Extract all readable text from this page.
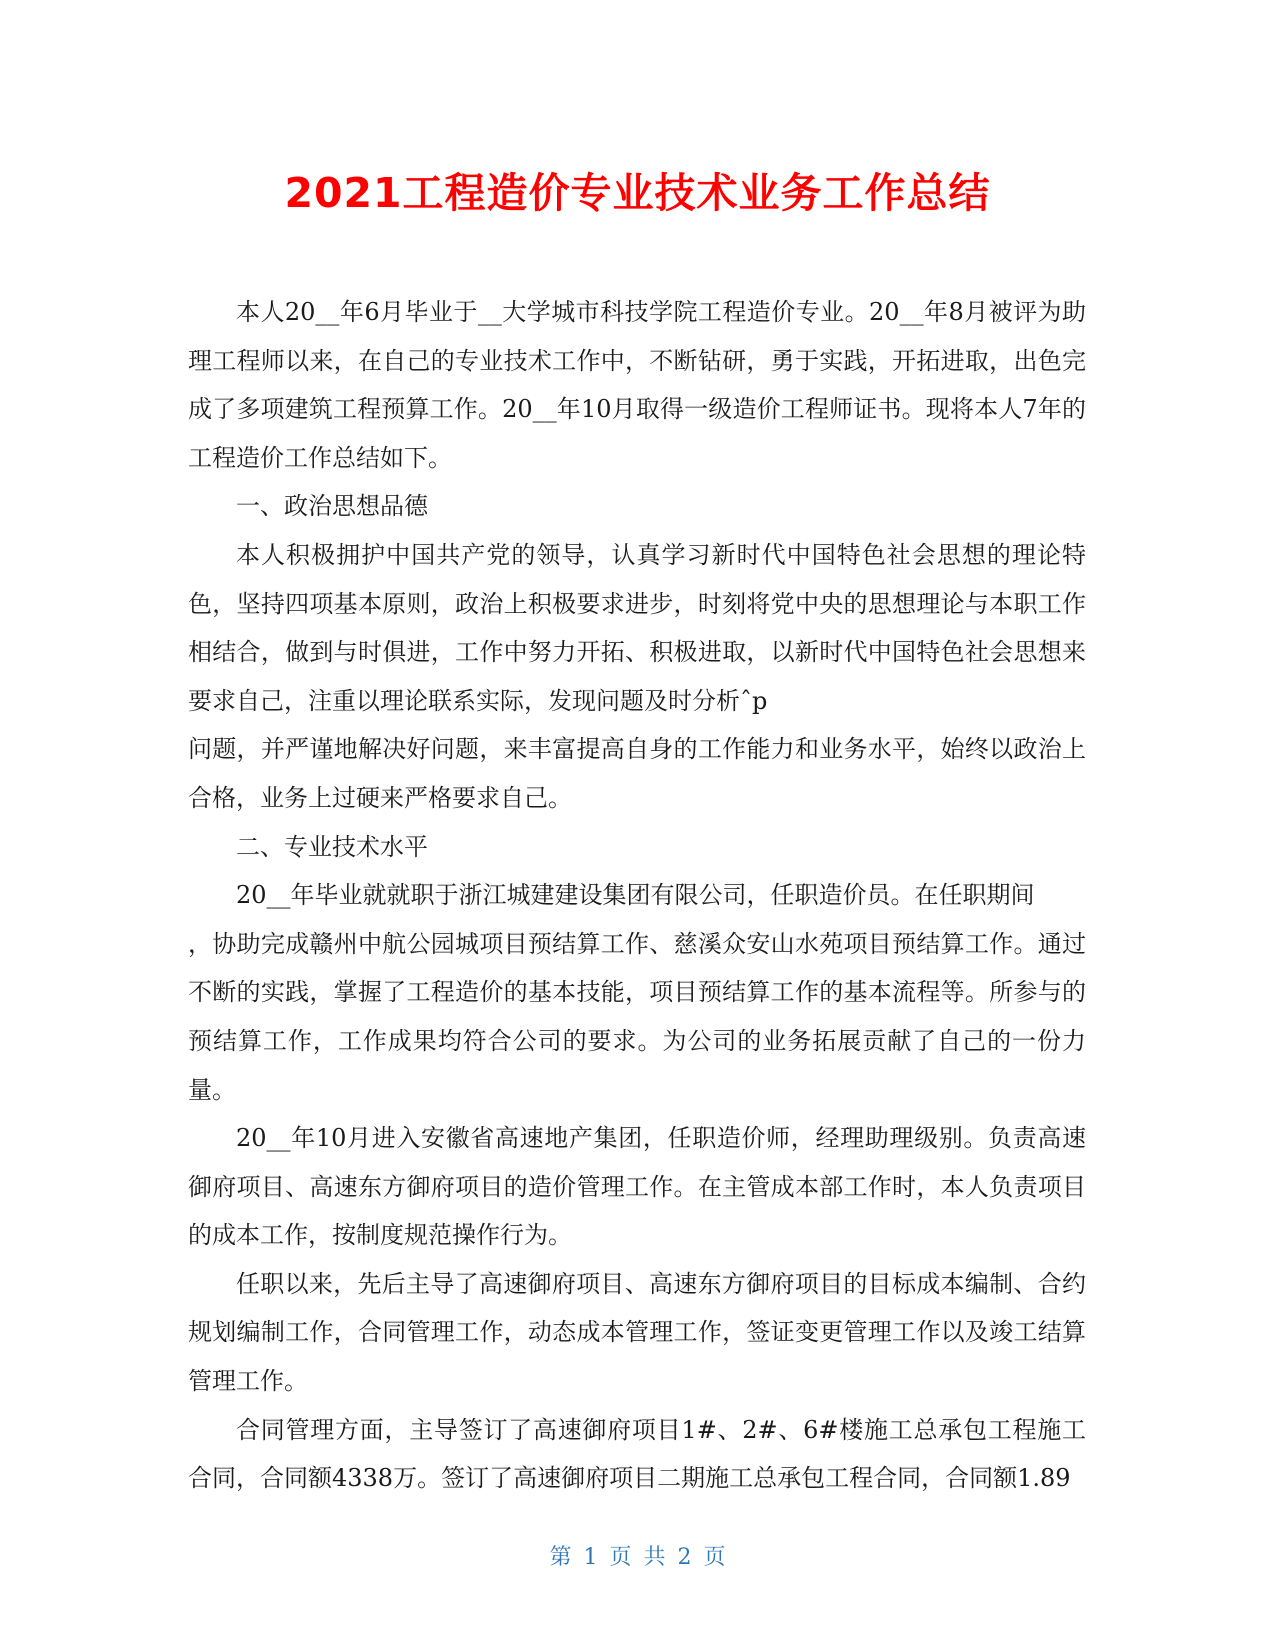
2021工程造价专业技术业务工作总结

本人20__年6月毕业于__大学城市科技学院工程造价专业。20__年8月被评为助理工程师以来，在自己的专业技术工作中，不断钻研，勇于实践，开拓进取，出色完成了多项建筑工程预算工作。20__年10月取得一级造价工程师证书。现将本人7年的工程造价工作总结如下。

一、政治思想品德

本人积极拥护中国共产党的领导，认真学习新时代中国特色社会思想的理论特色，坚持四项基本原则，政治上积极要求进步，时刻将党中央的思想理论与本职工作相结合，做到与时俱进，工作中努力开拓、积极进取，以新时代中国特色社会思想来要求自己，注重以理论联系实际，发现问题及时分析ˆp

问题，并严谨地解决好问题，来丰富提高自身的工作能力和业务水平，始终以政治上合格，业务上过硬来严格要求自己。

二、专业技术水平

20__年毕业就就职于浙江城建建设集团有限公司，任职造价员。在任职期间

，协助完成赣州中航公园城项目预结算工作、慈溪众安山水苑项目预结算工作。通过不断的实践，掌握了工程造价的基本技能，项目预结算工作的基本流程等。所参与的预结算工作，工作成果均符合公司的要求。为公司的业务拓展贡献了自己的一份力量。

20__年10月进入安徽省高速地产集团，任职造价师，经理助理级别。负责高速御府项目、高速东方御府项目的造价管理工作。在主管成本部工作时，本人负责项目的成本工作，按制度规范操作行为。

任职以来，先后主导了高速御府项目、高速东方御府项目的目标成本编制、合约规划编制工作，合同管理工作，动态成本管理工作，签证变更管理工作以及竣工结算管理工作。

合同管理方面，主导签订了高速御府项目1#、2#、6#楼施工总承包工程施工合同，合同额4338万。签订了高速御府项目二期施工总承包工程合同，合同额1.89

第 1 页 共 2 页
